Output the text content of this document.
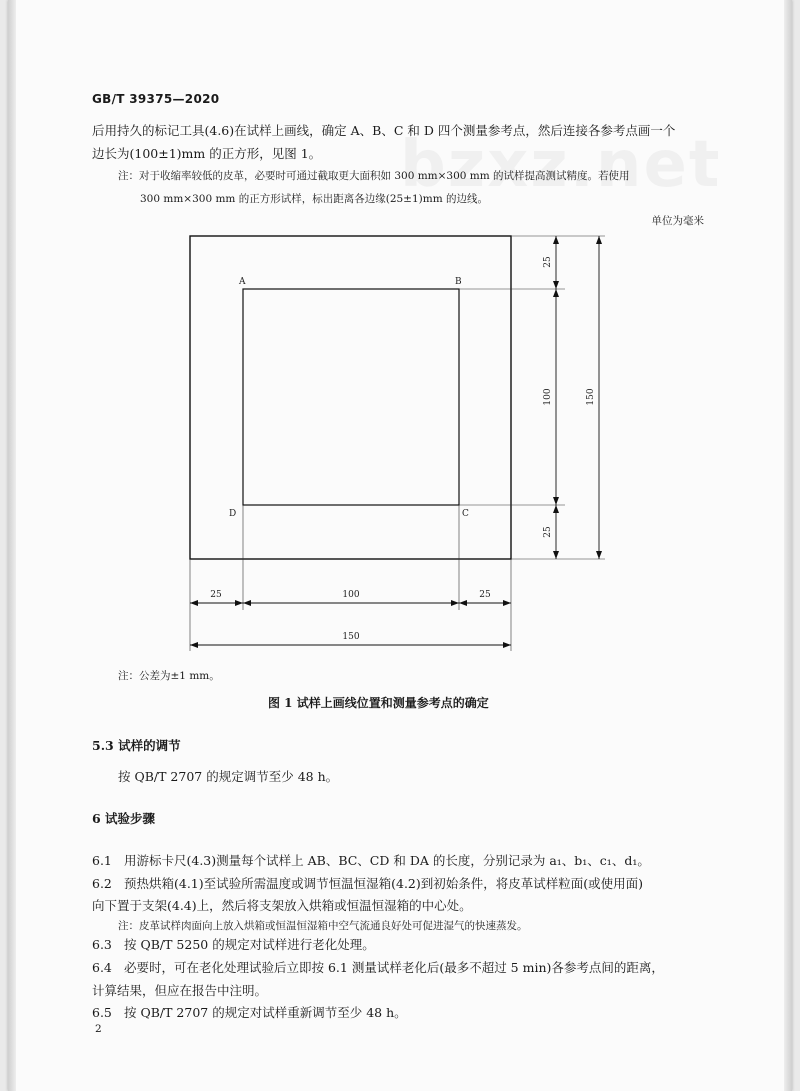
GB/T 39375—2020
后用持久的标记工具(4.6)在试样上画线，确定 A、B、C 和 D 四个测量参考点，然后连接各参考点画一个
边长为(100±1)mm 的正方形，见图 1。
注：对于收缩率较低的皮革，必要时可通过截取更大面积如 300 mm×300 mm 的试样提高测试精度。若使用
300 mm×300 mm 的正方形试样，标出距离各边缘(25±1)mm 的边线。
单位为毫米
A	B
D	C
25
100
25
150
25	100	25
150
注：公差为±1 mm。
图 1 试样上画线位置和测量参考点的确定
5.3 试样的调节
按 QB/T 2707 的规定调节至少 48 h。
6 试验步骤
6.1 用游标卡尺(4.3)测量每个试样上 AB、BC、CD 和 DA 的长度，分别记录为 a₁、b₁、c₁、d₁。
6.2 预热烘箱(4.1)至试验所需温度或调节恒温恒湿箱(4.2)到初始条件，将皮革试样粒面(或使用面)
向下置于支架(4.4)上，然后将支架放入烘箱或恒温恒湿箱的中心处。
注：皮革试样肉面向上放入烘箱或恒温恒湿箱中空气流通良好处可促进湿气的快速蒸发。
6.3 按 QB/T 5250 的规定对试样进行老化处理。
6.4 必要时，可在老化处理试验后立即按 6.1 测量试样老化后(最多不超过 5 min)各参考点间的距离，
计算结果，但应在报告中注明。
6.5 按 QB/T 2707 的规定对试样重新调节至少 48 h。
2
